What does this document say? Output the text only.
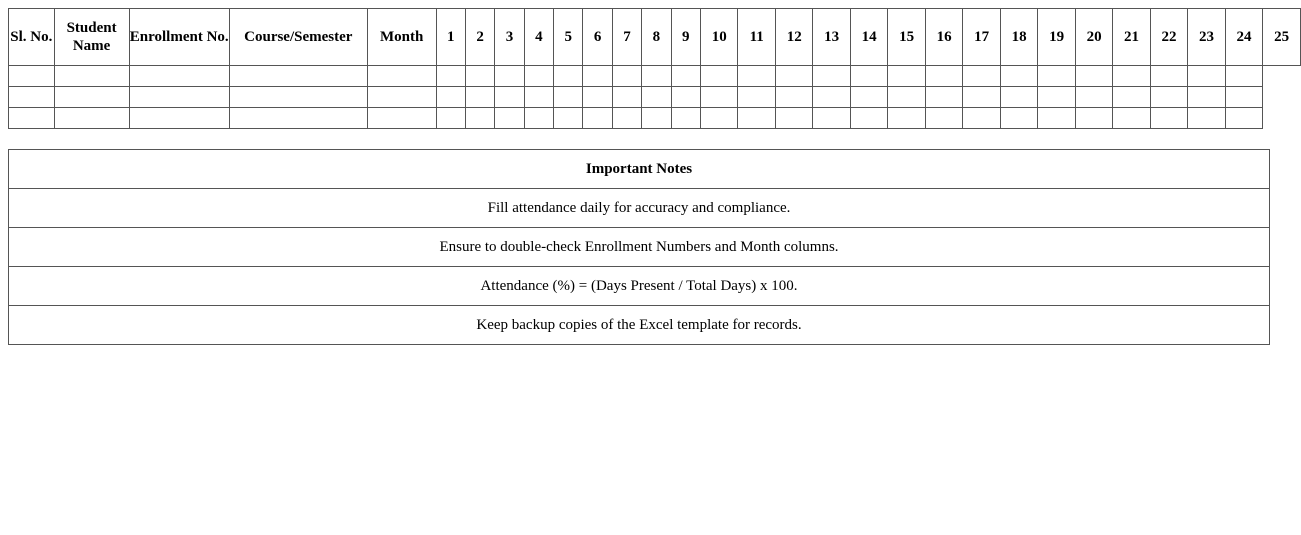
Sl. No.	Student Name	Enrollment No.	Course/Semester	Month	1	2	3	4	5	6	7	8	9	10	11	12	13	14	15	16	17	18	19	20	21	22	23	24	25

Important Notes
Fill attendance daily for accuracy and compliance.
Ensure to double-check Enrollment Numbers and Month columns.
Attendance (%) = (Days Present / Total Days) x 100.
Keep backup copies of the Excel template for records.
